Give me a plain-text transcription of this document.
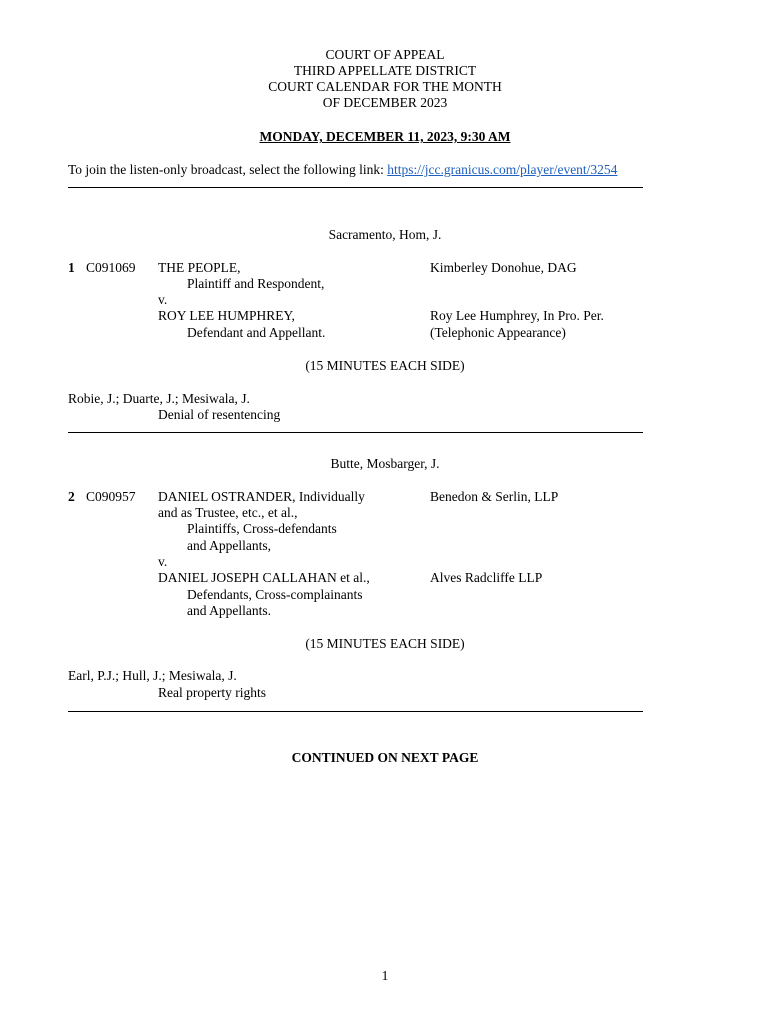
COURT OF APPEAL
THIRD APPELLATE DISTRICT
COURT CALENDAR FOR THE MONTH
OF DECEMBER 2023
MONDAY, DECEMBER 11, 2023, 9:30 AM
To join the listen-only broadcast, select the following link: https://jcc.granicus.com/player/event/3254
Sacramento, Hom, J.
1 C091069 THE PEOPLE,	Kimberley Donohue, DAG
Plaintiff and Respondent,
v.
ROY LEE HUMPHREY,	Roy Lee Humphrey, In Pro. Per.
Defendant and Appellant.	(Telephonic Appearance)
(15 MINUTES EACH SIDE)
Robie, J.; Duarte, J.; Mesiwala, J.
Denial of resentencing
Butte, Mosbarger, J.
2 C090957 DANIEL OSTRANDER, Individually	Benedon & Serlin, LLP
and as Trustee, etc., et al.,
Plaintiffs, Cross-defendants
and Appellants,
v.
DANIEL JOSEPH CALLAHAN et al.,	Alves Radcliffe LLP
Defendants, Cross-complainants
and Appellants.
(15 MINUTES EACH SIDE)
Earl, P.J.; Hull, J.; Mesiwala, J.
Real property rights
CONTINUED ON NEXT PAGE
1
